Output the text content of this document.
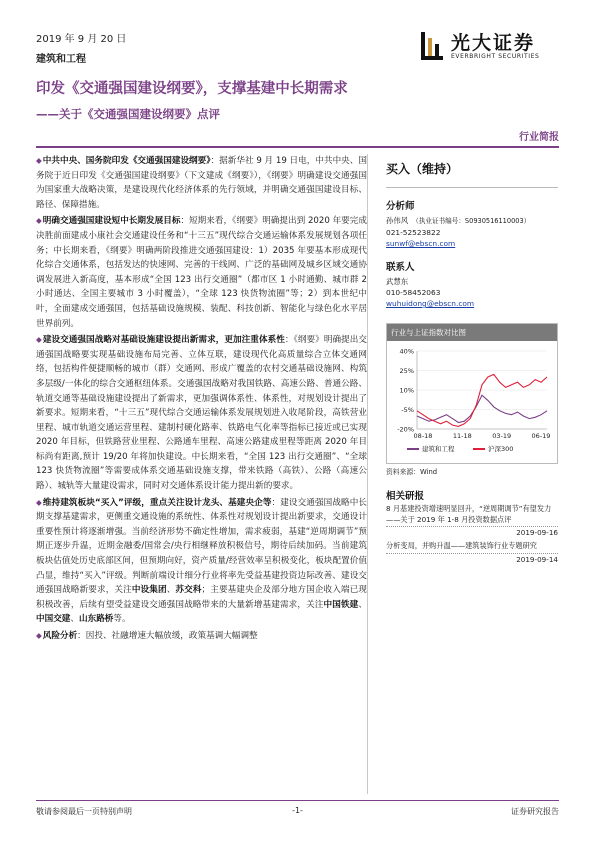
2019 年 9 月 20 日
建筑和工程
光大证券
EVERBRIGHT SECURITIES
印发《交通强国建设纲要》，支撑基建中长期需求
——关于《交通强国建设纲要》点评
行业简报

◆中共中央、国务院印发《交通强国建设纲要》：据新华社 9 月 19 日电，中共中央、国务院于近日印发《交通强国建设纲要》（下文建成《纲要》），《纲要》明确建设交通强国为国家重大战略决策，是建设现代化经济体系的先行领域，并明确交通强国建设目标、路径、保障措施。

◆明确交通强国建设短中长期发展目标：短期来看，《纲要》明确提出到 2020 年要完成决胜前面建成小康社会交通建设任务和“十三五”现代综合交通运输体系发展规划各项任务；中长期来看，《纲要》明确两阶段推进交通强国建设：1）2035 年要基本形成现代化综合交通体系，包括发达的快速网、完善的干线网、广泛的基础网及城乡区域交通协调发展进入新高度，基本形成“全国 123 出行交通圈”（都市区 1 小时通勤、城市群 2 小时通达、全国主要城市 3 小时覆盖），“全球 123 快货物流圈”等；2）到本世纪中叶，全面建成交通强国，包括基础设施规模、装配、科技创新、智能化与绿色化水平居世界前列。

◆建设交通强国战略对基础设施建设提出新需求，更加注重体系性：《纲要》明确提出交通强国战略要实现基础设施布局完善、立体互联，建设现代化高质量综合立体交通网络，包括构件便捷顺畅的城市（群）交通网、形成广覆盖的农村交通基础设施网、构筑多层级/一体化的综合交通枢纽体系。交通强国战略对我国铁路、高速公路、普通公路、轨道交通等基础设施建设提出了新需求，更加强调体系性、体系性，对规划设计提出了新要求。短期来看，“十三五”现代综合交通运输体系发展规划进入收尾阶段，高铁营业里程、城市轨道交通运营里程、建制村硬化路率、铁路电气化率等指标已接近或已实现 2020 年目标，但铁路营业里程、公路通车里程、高速公路建成里程等距离 2020 年目标尚有距离,预计 19/20 年将加快建设。中长期来看，“全国 123 出行交通圈”、“全球 123 快货物流圈”等需要成体系交通基础设施支撑，带来铁路（高铁）、公路（高速公路）、城轨等大量建设需求，同时对交通体系设计能力提出新的要求。

◆维持建筑板块“买入”评级，重点关注设计龙头、基建央企等：建设交通强国战略中长期支撑基建需求，更侧重交通设施的系统性、体系性对规划设计提出新要求，交通设计重要性预计将逐渐增强。当前经济形势不确定性增加，需求疲弱，基建“逆周期调节”预期正逐步升温，近期金融委/国常会/央行相继释放积极信号，期待后续加码。当前建筑板块估值处历史底部区间，但预期向好，资产质量/经营效率呈积极变化，板块配置价值凸显，维持“买入”评级。判断前端设计细分行业将率先受益基建投资边际改善、建设交通强国战略新要求，关注中设集团、苏交科；主要基建央企及部分地方国企收入端已现积极改善，后续有望受益建设交通强国战略带来的大量新增基建需求，关注中国铁建、中国交建、山东路桥等。

◆风险分析：因投、社融增速大幅放缓，政策基调大幅调整

买入（维持）
分析师
孙伟风 （执业证书编号：S0930516110003）
021-52523822
sunwf@ebscn.com
联系人
武慧东
010-58452063
wuhuidong@ebscn.com
行业与上证指数对比图
40%
25%
10%
-5%
-20%
08-18	11-18	03-19	06-19
建筑和工程	沪深300
资料来源：Wind
相关研报
8 月基建投资增速明显回升，“逆周期调节”有望发力——关于 2019 年 1-8 月投资数据点评
2019-09-16
分析变局，并购升温——建筑装饰行业专题研究
2019-09-14
敬请参阅最后一页特别声明	-1-	证券研究报告
